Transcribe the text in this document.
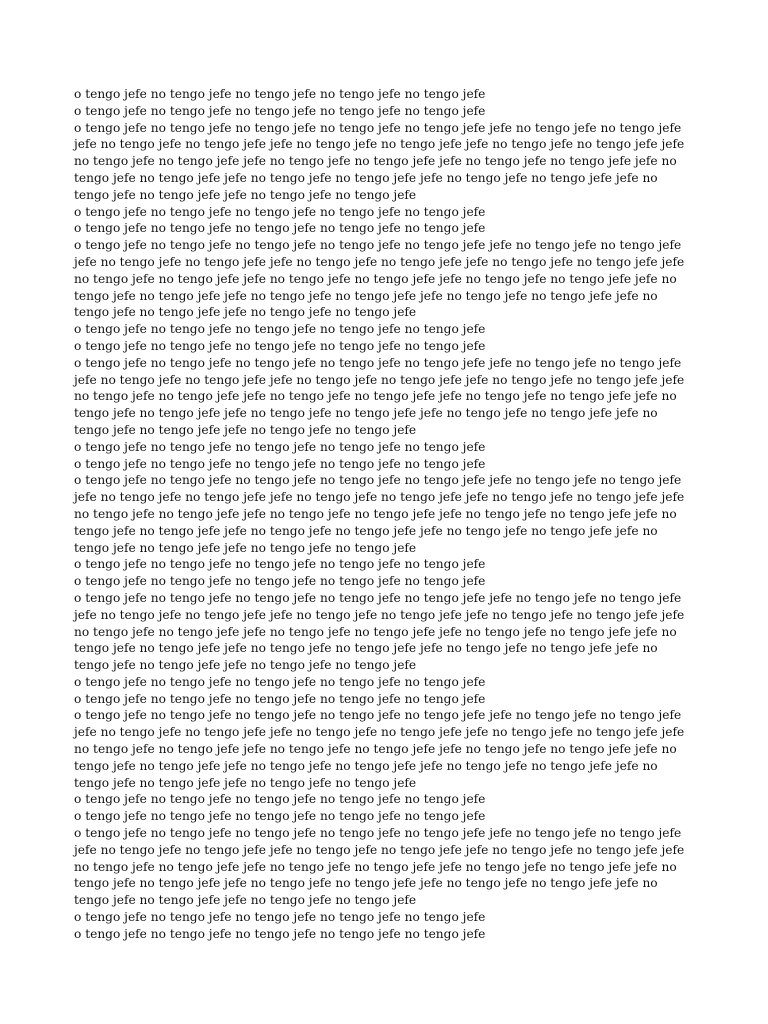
o tengo jefe no tengo jefe no tengo jefe no tengo jefe no tengo jefe
o tengo jefe no tengo jefe no tengo jefe no tengo jefe no tengo jefe
o tengo jefe no tengo jefe no tengo jefe no tengo jefe no tengo jefe jefe no tengo jefe no tengo jefe
jefe no tengo jefe no tengo jefe jefe no tengo jefe no tengo jefe jefe no tengo jefe no tengo jefe jefe
no tengo jefe no tengo jefe jefe no tengo jefe no tengo jefe jefe no tengo jefe no tengo jefe jefe no
tengo jefe no tengo jefe jefe no tengo jefe no tengo jefe jefe no tengo jefe no tengo jefe jefe no
tengo jefe no tengo jefe jefe no tengo jefe no tengo jefe
o tengo jefe no tengo jefe no tengo jefe no tengo jefe no tengo jefe
o tengo jefe no tengo jefe no tengo jefe no tengo jefe no tengo jefe
o tengo jefe no tengo jefe no tengo jefe no tengo jefe no tengo jefe jefe no tengo jefe no tengo jefe
jefe no tengo jefe no tengo jefe jefe no tengo jefe no tengo jefe jefe no tengo jefe no tengo jefe jefe
no tengo jefe no tengo jefe jefe no tengo jefe no tengo jefe jefe no tengo jefe no tengo jefe jefe no
tengo jefe no tengo jefe jefe no tengo jefe no tengo jefe jefe no tengo jefe no tengo jefe jefe no
tengo jefe no tengo jefe jefe no tengo jefe no tengo jefe
o tengo jefe no tengo jefe no tengo jefe no tengo jefe no tengo jefe
o tengo jefe no tengo jefe no tengo jefe no tengo jefe no tengo jefe
o tengo jefe no tengo jefe no tengo jefe no tengo jefe no tengo jefe jefe no tengo jefe no tengo jefe
jefe no tengo jefe no tengo jefe jefe no tengo jefe no tengo jefe jefe no tengo jefe no tengo jefe jefe
no tengo jefe no tengo jefe jefe no tengo jefe no tengo jefe jefe no tengo jefe no tengo jefe jefe no
tengo jefe no tengo jefe jefe no tengo jefe no tengo jefe jefe no tengo jefe no tengo jefe jefe no
tengo jefe no tengo jefe jefe no tengo jefe no tengo jefe
o tengo jefe no tengo jefe no tengo jefe no tengo jefe no tengo jefe
o tengo jefe no tengo jefe no tengo jefe no tengo jefe no tengo jefe
o tengo jefe no tengo jefe no tengo jefe no tengo jefe no tengo jefe jefe no tengo jefe no tengo jefe
jefe no tengo jefe no tengo jefe jefe no tengo jefe no tengo jefe jefe no tengo jefe no tengo jefe jefe
no tengo jefe no tengo jefe jefe no tengo jefe no tengo jefe jefe no tengo jefe no tengo jefe jefe no
tengo jefe no tengo jefe jefe no tengo jefe no tengo jefe jefe no tengo jefe no tengo jefe jefe no
tengo jefe no tengo jefe jefe no tengo jefe no tengo jefe
o tengo jefe no tengo jefe no tengo jefe no tengo jefe no tengo jefe
o tengo jefe no tengo jefe no tengo jefe no tengo jefe no tengo jefe
o tengo jefe no tengo jefe no tengo jefe no tengo jefe no tengo jefe jefe no tengo jefe no tengo jefe
jefe no tengo jefe no tengo jefe jefe no tengo jefe no tengo jefe jefe no tengo jefe no tengo jefe jefe
no tengo jefe no tengo jefe jefe no tengo jefe no tengo jefe jefe no tengo jefe no tengo jefe jefe no
tengo jefe no tengo jefe jefe no tengo jefe no tengo jefe jefe no tengo jefe no tengo jefe jefe no
tengo jefe no tengo jefe jefe no tengo jefe no tengo jefe
o tengo jefe no tengo jefe no tengo jefe no tengo jefe no tengo jefe
o tengo jefe no tengo jefe no tengo jefe no tengo jefe no tengo jefe
o tengo jefe no tengo jefe no tengo jefe no tengo jefe no tengo jefe jefe no tengo jefe no tengo jefe
jefe no tengo jefe no tengo jefe jefe no tengo jefe no tengo jefe jefe no tengo jefe no tengo jefe jefe
no tengo jefe no tengo jefe jefe no tengo jefe no tengo jefe jefe no tengo jefe no tengo jefe jefe no
tengo jefe no tengo jefe jefe no tengo jefe no tengo jefe jefe no tengo jefe no tengo jefe jefe no
tengo jefe no tengo jefe jefe no tengo jefe no tengo jefe
o tengo jefe no tengo jefe no tengo jefe no tengo jefe no tengo jefe
o tengo jefe no tengo jefe no tengo jefe no tengo jefe no tengo jefe
o tengo jefe no tengo jefe no tengo jefe no tengo jefe no tengo jefe jefe no tengo jefe no tengo jefe
jefe no tengo jefe no tengo jefe jefe no tengo jefe no tengo jefe jefe no tengo jefe no tengo jefe jefe
no tengo jefe no tengo jefe jefe no tengo jefe no tengo jefe jefe no tengo jefe no tengo jefe jefe no
tengo jefe no tengo jefe jefe no tengo jefe no tengo jefe jefe no tengo jefe no tengo jefe jefe no
tengo jefe no tengo jefe jefe no tengo jefe no tengo jefe
o tengo jefe no tengo jefe no tengo jefe no tengo jefe no tengo jefe
o tengo jefe no tengo jefe no tengo jefe no tengo jefe no tengo jefe
